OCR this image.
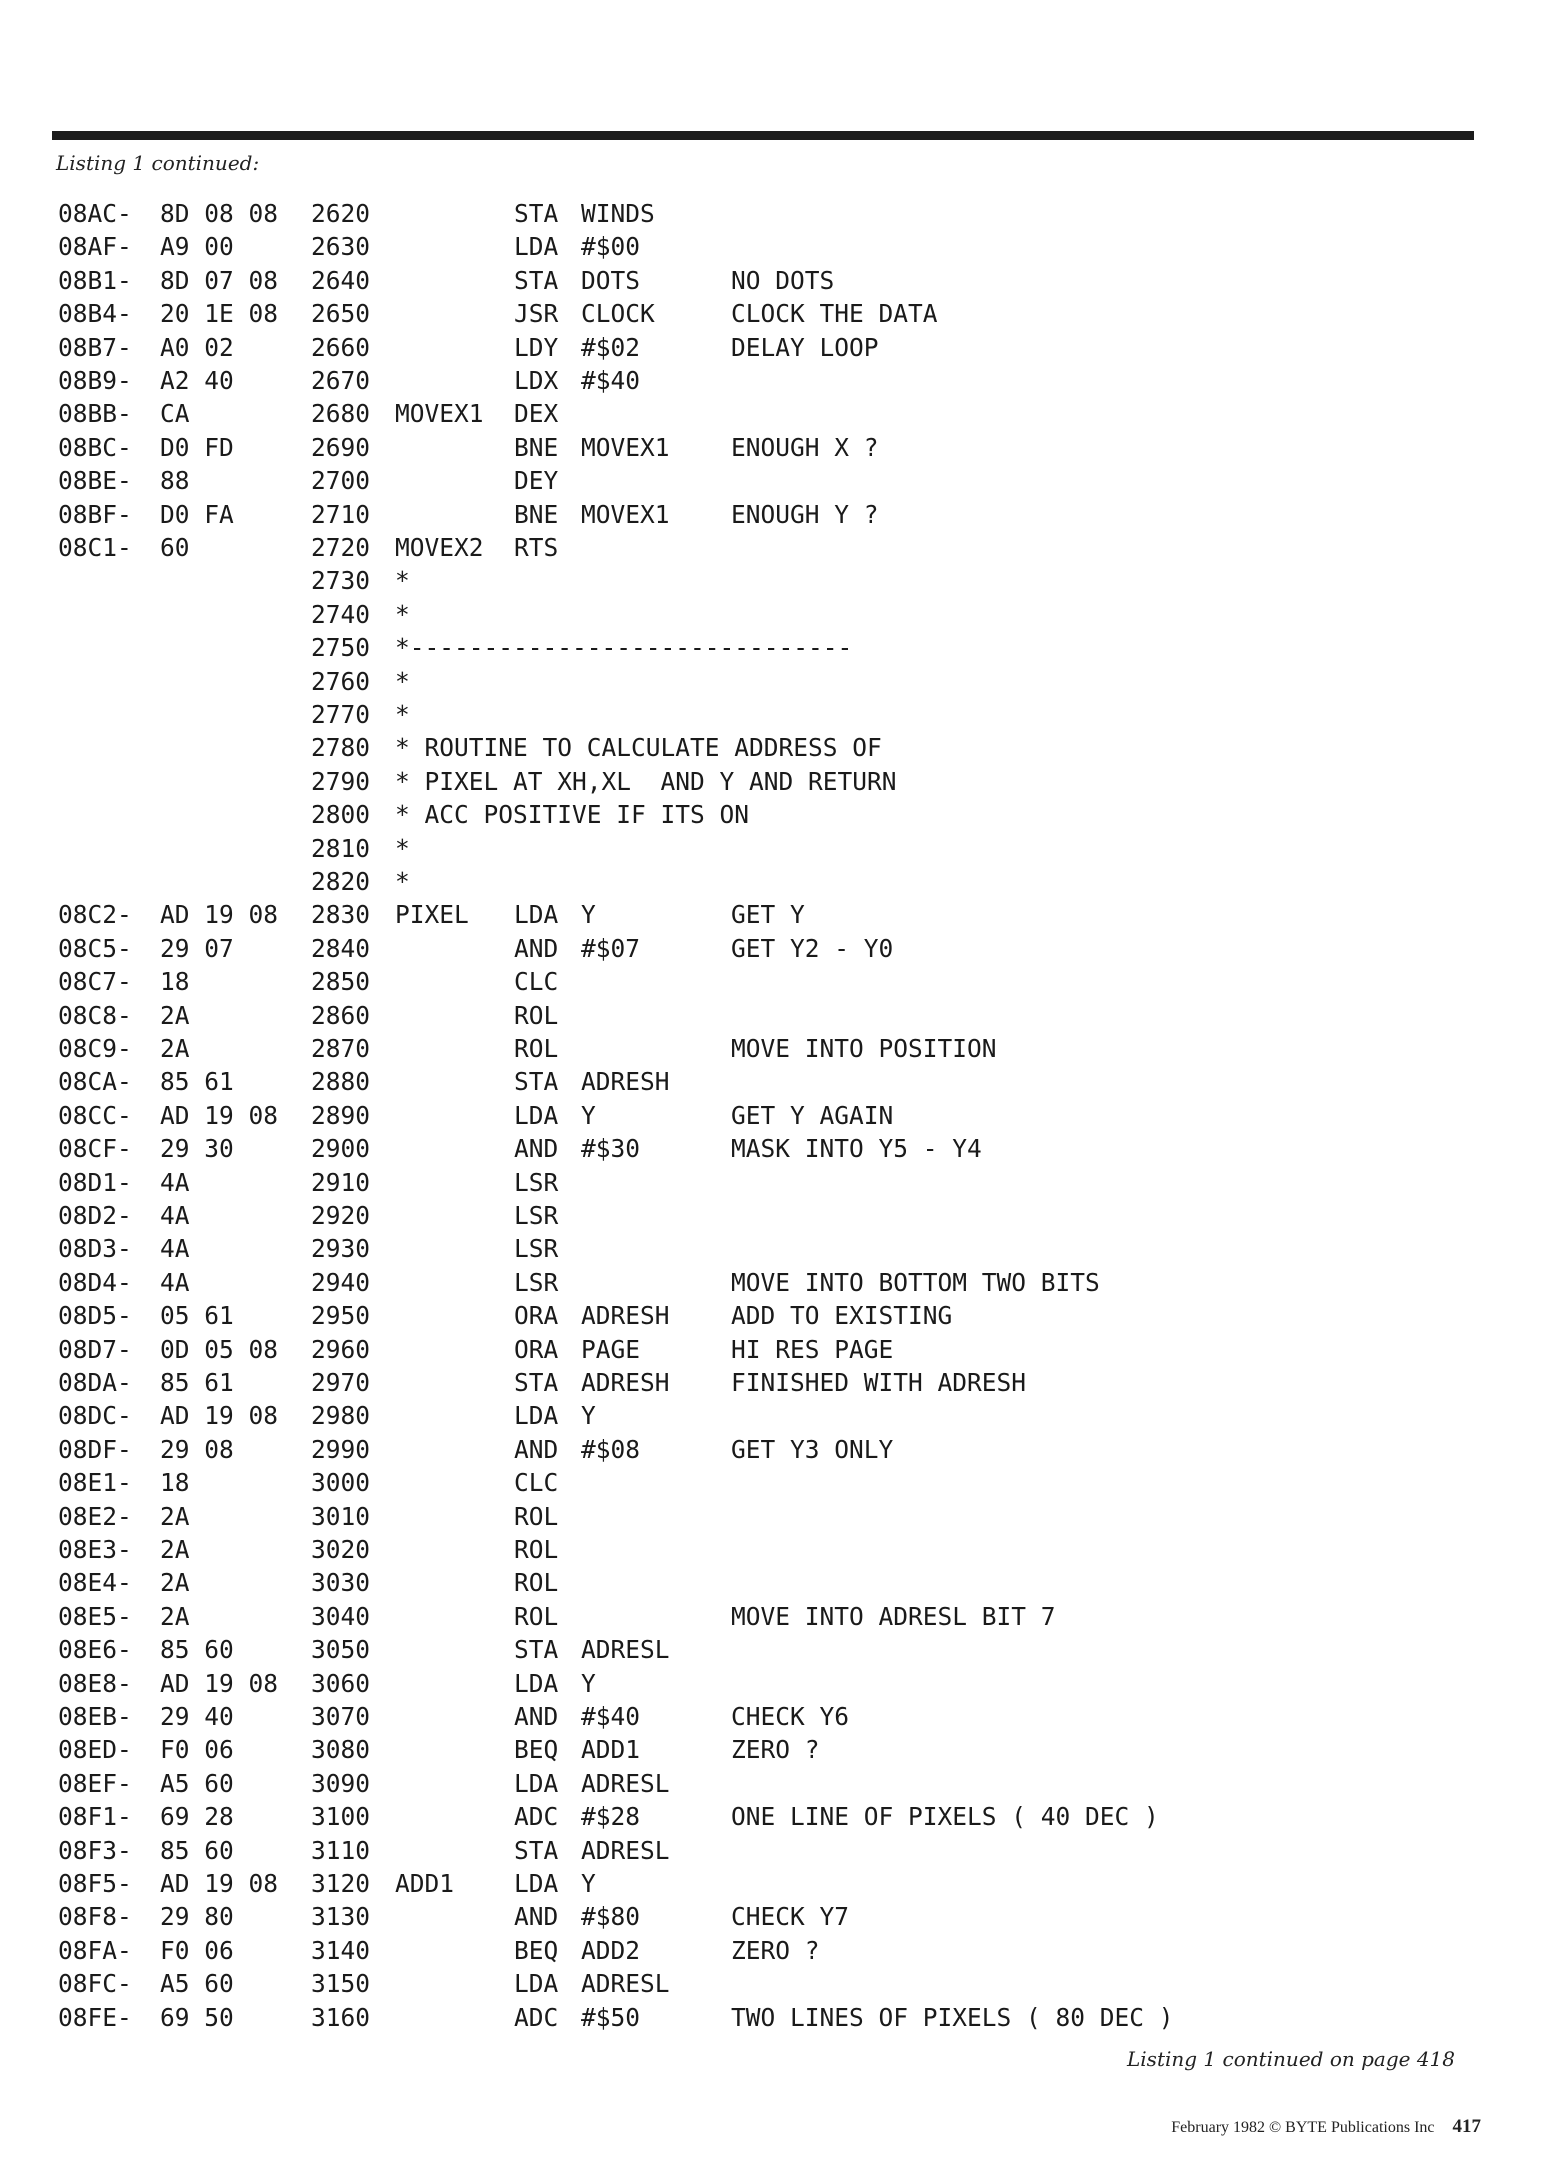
Listing 1 continued:
08AC- 8D 08 08 2620	STA WINDS
08AF- A9 00	2630	LDA #$00
08B1- 8D 07 08 2640	STA DOTS	NO DOTS
08B4- 20 1E 08 2650	JSR CLOCK	CLOCK THE DATA
08B7- A0 02	2660	LDY #$02	DELAY LOOP
08B9- A2 40	2670	LDX #$40
08BB- CA	2680 MOVEX1 DEX
08BC- D0 FD	2690	BNE MOVEX1	ENOUGH X ?
08BE- 88	2700	DEY
08BF- D0 FA	2710	BNE MOVEX1	ENOUGH Y ?
08C1- 60	2720 MOVEX2 RTS
2730 *
2740 *
2750 *------------------------------
2760 *
2770 *
2780 * ROUTINE TO CALCULATE ADDRESS OF
2790 * PIXEL AT XH,XL  AND Y AND RETURN
2800 * ACC POSITIVE IF ITS ON
2810 *
2820 *
08C2- AD 19 08 2830 PIXEL LDA Y	GET Y
08C5- 29 07	2840	AND #$07	GET Y2 - Y0
08C7- 18	2850	CLC
08C8- 2A	2860	ROL
08C9- 2A	2870	ROL	MOVE INTO POSITION
08CA- 85 61	2880	STA ADRESH
08CC- AD 19 08 2890	LDA Y	GET Y AGAIN
08CF- 29 30	2900	AND #$30	MASK INTO Y5 - Y4
08D1- 4A	2910	LSR
08D2- 4A	2920	LSR
08D3- 4A	2930	LSR
08D4- 4A	2940	LSR	MOVE INTO BOTTOM TWO BITS
08D5- 05 61	2950	ORA ADRESH	ADD TO EXISTING
08D7- 0D 05 08 2960	ORA PAGE	HI RES PAGE
08DA- 85 61	2970	STA ADRESH	FINISHED WITH ADRESH
08DC- AD 19 08 2980	LDA Y
08DF- 29 08	2990	AND #$08	GET Y3 ONLY
08E1- 18	3000	CLC
08E2- 2A	3010	ROL
08E3- 2A	3020	ROL
08E4- 2A	3030	ROL
08E5- 2A	3040	ROL	MOVE INTO ADRESL BIT 7
08E6- 85 60	3050	STA ADRESL
08E8- AD 19 08 3060	LDA Y
08EB- 29 40	3070	AND #$40	CHECK Y6
08ED- F0 06	3080	BEQ ADD1	ZERO ?
08EF- A5 60	3090	LDA ADRESL
08F1- 69 28	3100	ADC #$28	ONE LINE OF PIXELS ( 40 DEC )
08F3- 85 60	3110	STA ADRESL
08F5- AD 19 08 3120 ADD1 LDA Y
08F8- 29 80	3130	AND #$80	CHECK Y7
08FA- F0 06	3140	BEQ ADD2	ZERO ?
08FC- A5 60	3150	LDA ADRESL
08FE- 69 50	3160	ADC #$50	TWO LINES OF PIXELS ( 80 DEC )
Listing 1 continued on page 418
February 1982 © BYTE Publications Inc 417
